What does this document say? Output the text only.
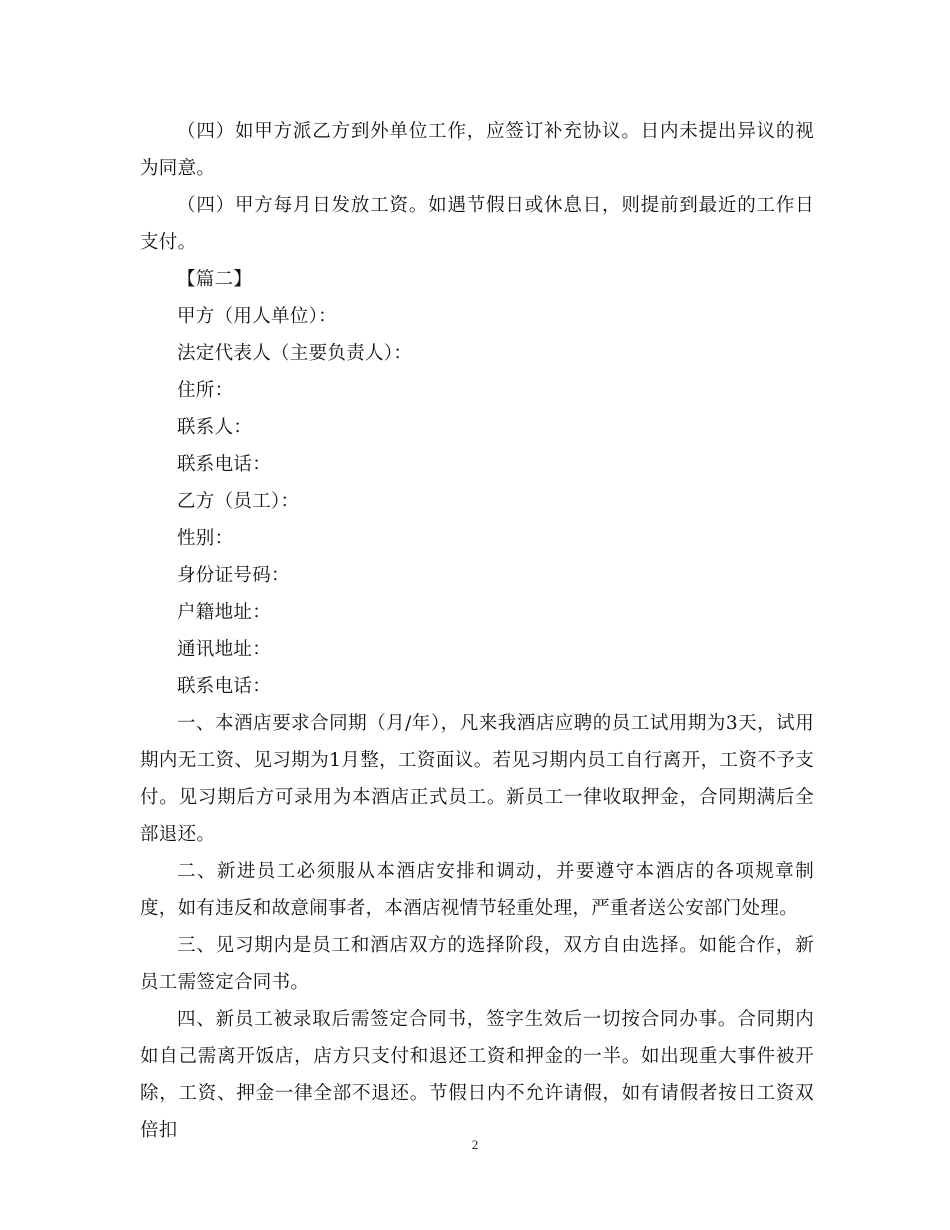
（四）如甲方派乙方到外单位工作，应签订补充协议。日内未提出异议的视为同意。

（四）甲方每月日发放工资。如遇节假日或休息日，则提前到最近的工作日支付。

【篇二】

甲方（用人单位）：

法定代表人（主要负责人）：

住所：

联系人：

联系电话：

乙方（员工）：

性别：

身份证号码：

户籍地址：

通讯地址：

联系电话：

一、本酒店要求合同期（月/年），凡来我酒店应聘的员工试用期为3天，试用期内无工资、见习期为1月整，工资面议。若见习期内员工自行离开，工资不予支付。见习期后方可录用为本酒店正式员工。新员工一律收取押金，合同期满后全部退还。

二、新进员工必须服从本酒店安排和调动，并要遵守本酒店的各项规章制度，如有违反和故意闹事者，本酒店视情节轻重处理，严重者送公安部门处理。

三、见习期内是员工和酒店双方的选择阶段，双方自由选择。如能合作，新员工需签定合同书。

四、新员工被录取后需签定合同书，签字生效后一切按合同办事。合同期内如自己需离开饭店，店方只支付和退还工资和押金的一半。如出现重大事件被开除，工资、押金一律全部不退还。节假日内不允许请假，如有请假者按日工资双倍扣

2
